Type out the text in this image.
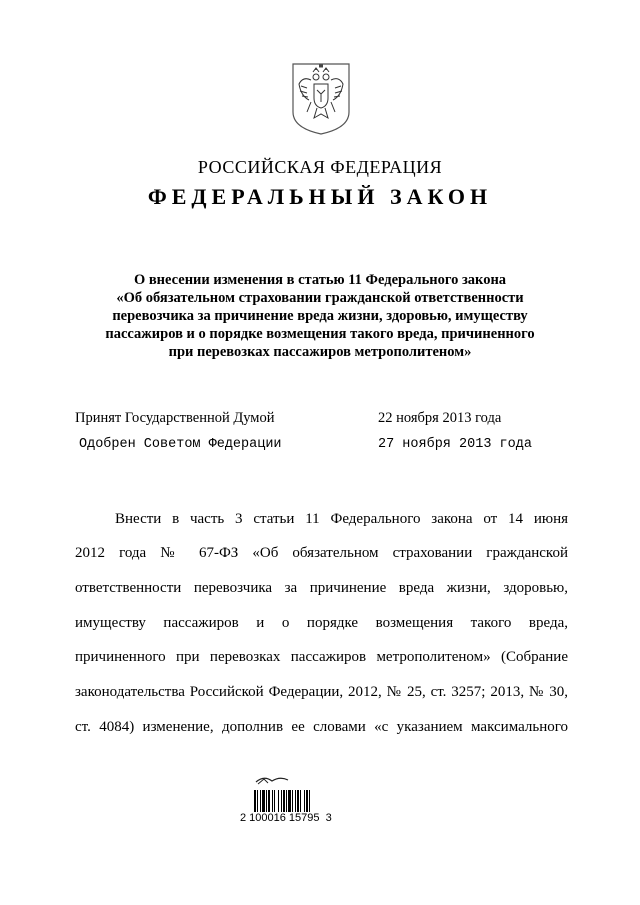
РОССИЙСКАЯ ФЕДЕРАЦИЯ
ФЕДЕРАЛЬНЫЙ ЗАКОН
О внесении изменения в статью 11 Федерального закона
«Об обязательном страховании гражданской ответственности
перевозчика за причинение вреда жизни, здоровью, имуществу
пассажиров и о порядке возмещения такого вреда, причиненного
при перевозках пассажиров метрополитеном»
Принят Государственной Думой	22 ноября 2013 года
Одобрен Советом Федерации	27 ноября 2013 года
Внести в часть 3 статьи 11 Федерального закона от 14 июня
2012 года № 67-ФЗ «Об обязательном страховании гражданской
ответственности перевозчика за причинение вреда жизни, здоровью,
имуществу пассажиров и о порядке возмещения такого вреда,
причиненного при перевозках пассажиров метрополитеном» (Собрание
законодательства Российской Федерации, 2012, № 25, ст. 3257; 2013, № 30,
ст. 4084) изменение, дополнив ее словами «с указанием максимального
2 100016 15795  3
